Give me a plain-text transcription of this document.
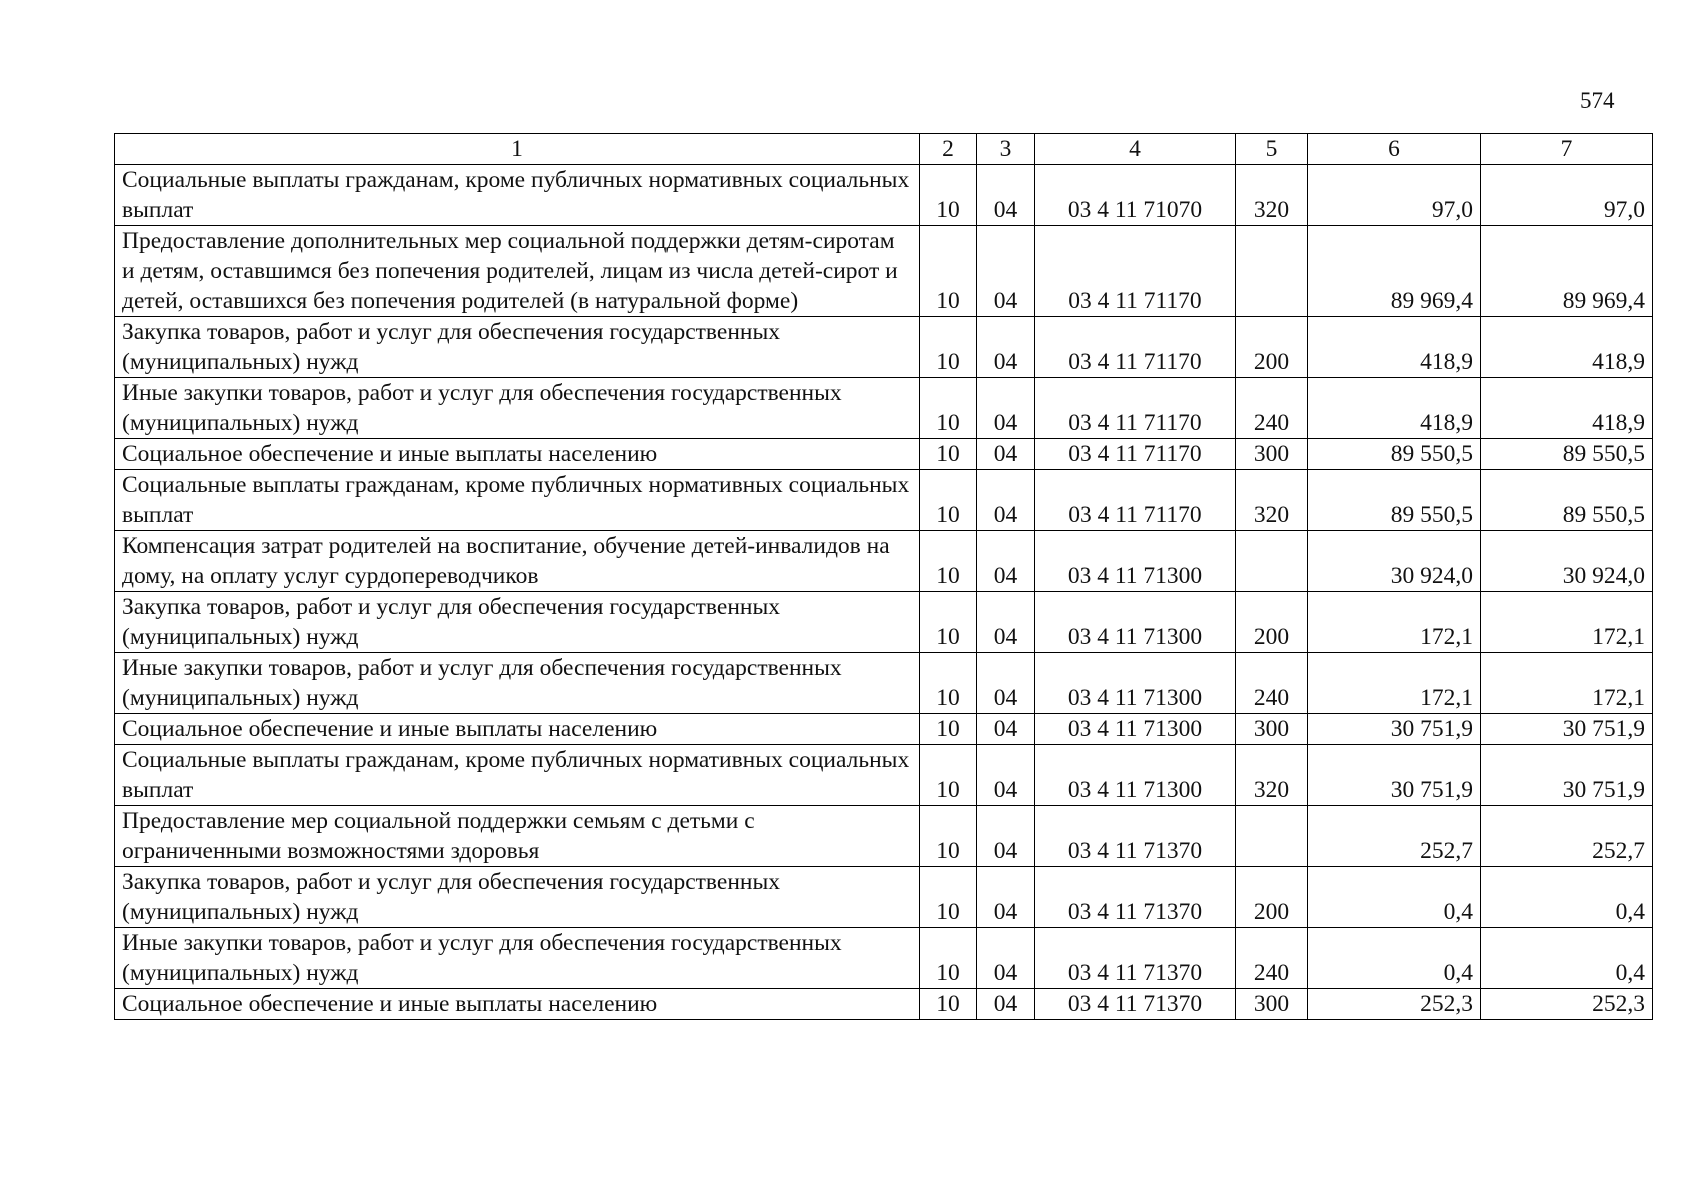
574
1	2	3	4	5	6	7
Социальные выплаты гражданам, кроме публичных нормативных социальных выплат	10	04	03 4 11 71070	320	97,0	97,0
Предоставление дополнительных мер социальной поддержки детям-сиротам и детям, оставшимся без попечения родителей, лицам из числа детей-сирот и детей, оставшихся без попечения родителей (в натуральной форме)	10	04	03 4 11 71170		89 969,4	89 969,4
Закупка товаров, работ и услуг для обеспечения государственных (муниципальных) нужд	10	04	03 4 11 71170	200	418,9	418,9
Иные закупки товаров, работ и услуг для обеспечения государственных (муниципальных) нужд	10	04	03 4 11 71170	240	418,9	418,9
Социальное обеспечение и иные выплаты населению	10	04	03 4 11 71170	300	89 550,5	89 550,5
Социальные выплаты гражданам, кроме публичных нормативных социальных выплат	10	04	03 4 11 71170	320	89 550,5	89 550,5
Компенсация затрат родителей на воспитание, обучение детей-инвалидов на дому, на оплату услуг сурдопереводчиков	10	04	03 4 11 71300		30 924,0	30 924,0
Закупка товаров, работ и услуг для обеспечения государственных (муниципальных) нужд	10	04	03 4 11 71300	200	172,1	172,1
Иные закупки товаров, работ и услуг для обеспечения государственных (муниципальных) нужд	10	04	03 4 11 71300	240	172,1	172,1
Социальное обеспечение и иные выплаты населению	10	04	03 4 11 71300	300	30 751,9	30 751,9
Социальные выплаты гражданам, кроме публичных нормативных социальных выплат	10	04	03 4 11 71300	320	30 751,9	30 751,9
Предоставление мер социальной поддержки семьям с детьми с ограниченными возможностями здоровья	10	04	03 4 11 71370		252,7	252,7
Закупка товаров, работ и услуг для обеспечения государственных (муниципальных) нужд	10	04	03 4 11 71370	200	0,4	0,4
Иные закупки товаров, работ и услуг для обеспечения государственных (муниципальных) нужд	10	04	03 4 11 71370	240	0,4	0,4
Социальное обеспечение и иные выплаты населению	10	04	03 4 11 71370	300	252,3	252,3
